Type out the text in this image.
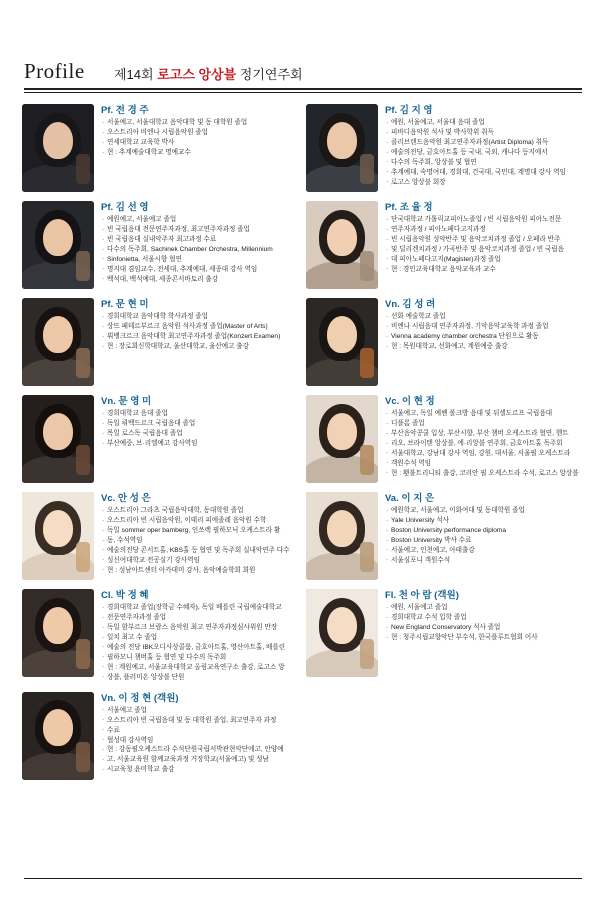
Profile	제14회 로고스 앙상블 정기연주회
Pf. 전 경 주
· 서울예고, 서울대학교 음악대학 및 동 대학원 졸업
· 오스트리아 비엔나 시립음악원 졸업
· 연세대학교 교육학 박사
· 현 : 추계예술대학교 명예교수
Pf. 김 지 영
· 예원, 서울예고, 서울대 음대 졸업
· 피바디음악원 석사 및 박사학위 취득
· 클리브랜드음악원 최고연주자과정(Artist Diploma) 취득
· 예술의전당, 금호아트홀 등 국내, 국외, 캐나다 등지에서
· 다수의 독주회, 앙상블 및 협연
· 추계예대, 숙명여대, 경희대, 건국대, 국민대, 계명대 강사 역임
· 로고스 앙상블 회장
Pf. 김 선 영
· 예원예고, 서울예고 졸업
· 빈 국립음대 전문연주자과정, 최고연주자과정 졸업
· 빈 국립음대 실내악주자 최고과정 수료
· 다수의 독주회, Sachinek Chamber Orchestra, Millennium
· Sinfonietta, 서울시향 협연
· 명지대 겸임교수, 전세대, 추계예대, 세종대 강사 역임
· 백석대, 백석예대, 세종콘서바토리 출강
Pf. 조 율 정
· 단국대학교 가톨릭교피아노졸업 / 빈 시립음악원 피아노전문
· 연주자과정 / 피아노페다고지과정
· 빈 시립음악원 성악반주 및 음악코치과정 졸업 / 오페라 반주
· 및 딜리겐치과정 / 가곡반주 및 음악코치과정 졸업 / 빈 국립음
· 대 피아노페다고지(Magister)과정 졸업
· 현 : 경인교육대학교 음악교육과 교수
Pf. 문 현 미
· 경희대학교 음악대학 학사과정 졸업
· 상뜨 페테르부르크 음악원 석사과정 졸업(Master of Arts)
· 뷔뱅크르크 음악대학 최고연주자과정 졸업(Konzert Examen)
· 현 : 장로회신학대학교, 울산대학교, 울산예고 출강
Vn. 김 성 려
· 선화 예술학교 졸업
· 비엔나 시립음대 연주자과정, 기악음악교육학 과정 졸업
· Vienna academy chamber orchestra 단원으로 활동
· 현 : 목원대학교, 선화예고, 계원예중 출강
Vn. 문 영 미
· 경희대학교 음대 졸업
· 독일 뤼벡드르크 국립음대 졸업
· 목일 로스독 국립음대 졸업
· 부산예중, 브·리엘예고 강사역임
Vc. 이 현 정
· 서울예고, 독일 예쎈 폴크방 음대 및 뒤셀도르프 국립음대
· 디플롬 졸업
· 부산음악콩쿨 입상, 부산시향, 부산 챔버 오케스트라 협연, 헨트
· 리오, 브라이텐 앙상블, 에·리앙블 연주회, 금호아트홀 독주회
· 서울대학교, 강남대 강사 역임, 강원, 대서울, 서울필 오케스트라
· 객원수석 역임
· 현 : 횃불트리니티 출강, 코리안 필 오케스트라 수석, 로고스 앙상블
Vc. 안 성 은
· 오스트리아 그라츠 국립음악대학, 동대학원 졸업
· 오스트리아 빈 시립음악원, 이태리 피에졸레 음악원 수학
· 독일 sommer oper bamberg, 인쓰렉 필하모닉 오케스트라 활
· 동, 수석역임
· 예술의전당 콘서트홀, KBS홀 등 협연 및 독주회 실내악연주 다수
· 성신여대학교 전공실기 강사역임
· 현 : 성남아트센터 아카데미 강사, 음악예술학회 회원
Va. 이 지 은
· 예원학교, 서울예고, 이화여대 및 동대학원 졸업
· Yale University 석사
· Boston University performance diploma
· Boston University 박사 수료
· 서울예고, 인천예고, 아태출강
· 서울심포니 객원수석
Cl. 박 정 혜
· 경희대학교 졸업(장학금 수혜자), 독일 베를린 국립예술대학교
· 전문연주자과정 졸업
· 독일 함부르크 브람스 음악원 최고 연주자과정심사위원 만장
· 일치 최고 수 졸업
· 예술의 전당 IBK오디사상콜룸, 금호아트홀, 영산아트홀, 베를린
· 필하모니 챔버홀 등 협연 및 다수의 독주회
· 현 : 계원예고, 서울교육대학교 올림교육연구소 출강, 로고스 앙
· 상블, 플러미온 앙상블 단원
Fl. 천 아 람 (객원)
· 예원, 서울예고 졸업
· 경희대학교 수석 입학 졸업
· New England Conservatory 석사 졸업
· 현 : 청주시립교향악단 부수석, 한국플루트협회 이사
Vn. 이 정 현 (객원)
· 서울예고 졸업
· 오스트리아 빈 국립음대 및 동 대학원 졸업, 최고연주자 과정
· 수료
· 협성대 강사역임
· 현 : 강동필오케스트라 수석단원국립서박관현악단에고, 안양예
· 고, 서울교육원 함께교육과정 거장학교(서울예고) 및 성남
· 시교육청 윤미학교 출강
